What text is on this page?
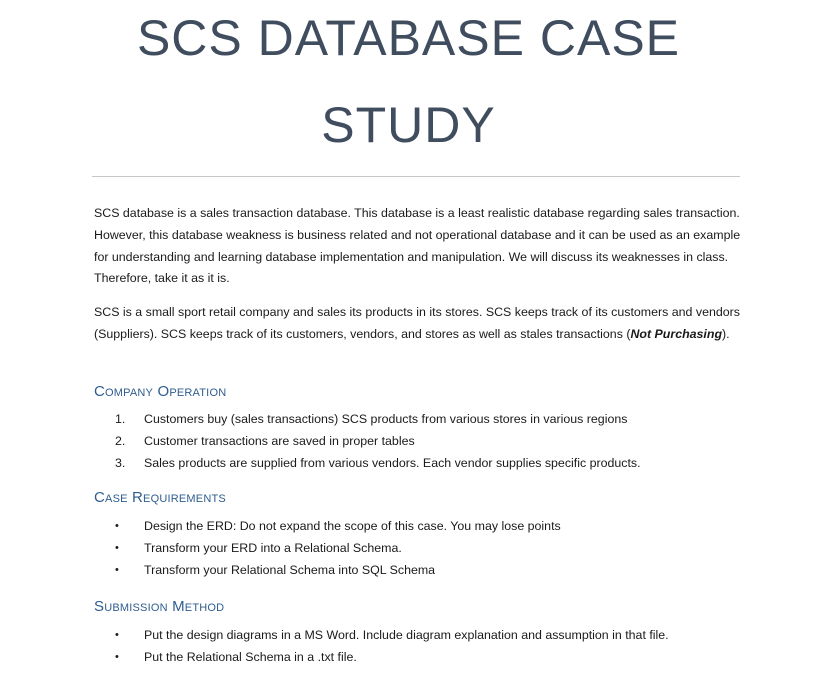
SCS DATABASE CASE
STUDY

SCS database is a sales transaction database. This database is a least realistic database regarding sales transaction. However, this database weakness is business related and not operational database and it can be used as an example for understanding and learning database implementation and manipulation. We will discuss its weaknesses in class. Therefore, take it as it is.

SCS is a small sport retail company and sales its products in its stores. SCS keeps track of its customers and vendors (Suppliers). SCS keeps track of its customers, vendors, and stores as well as stales transactions (Not Purchasing).

Company Operation
1.	Customers buy (sales transactions) SCS products from various stores in various regions
2.	Customer transactions are saved in proper tables
3.	Sales products are supplied from various vendors. Each vendor supplies specific products.
Case Requirements
•	Design the ERD: Do not expand the scope of this case. You may lose points
•	Transform your ERD into a Relational Schema.
•	Transform your Relational Schema into SQL Schema
Submission Method
•	Put the design diagrams in a MS Word. Include diagram explanation and assumption in that file.
•	Put the Relational Schema in a .txt file.
